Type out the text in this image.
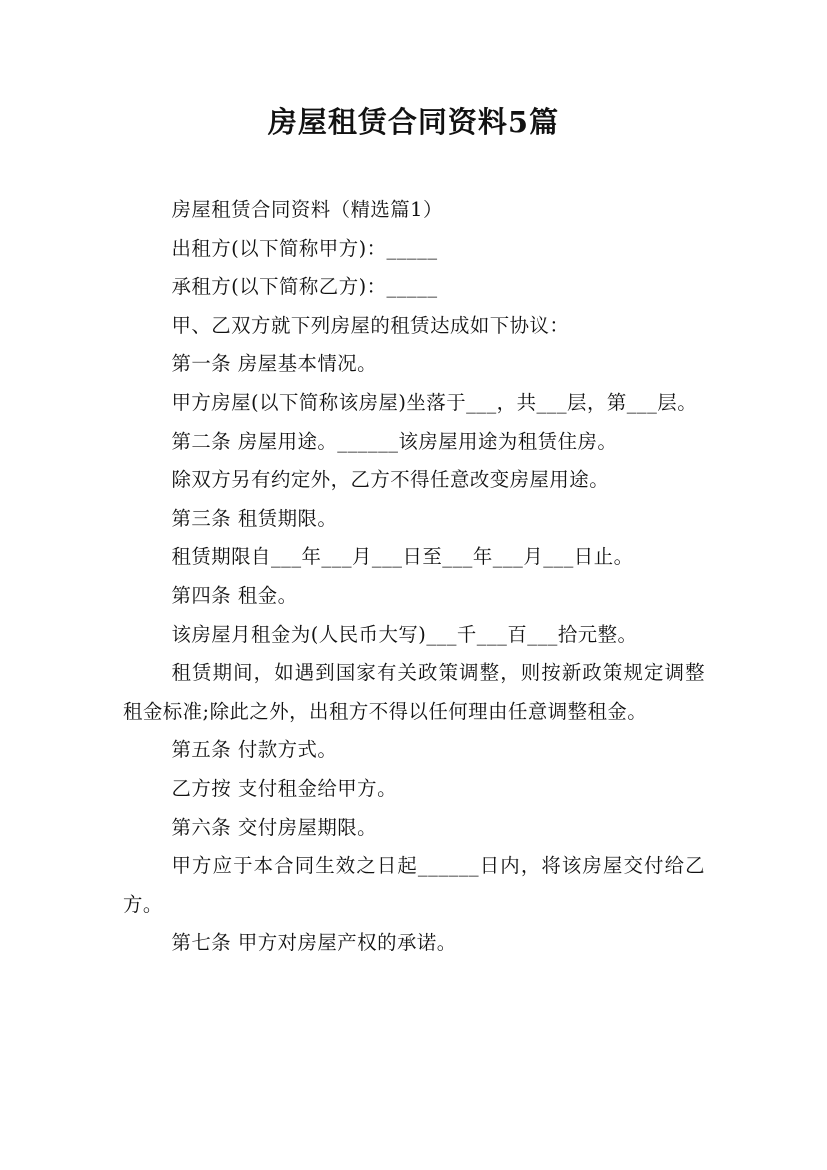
房屋租赁合同资料5篇

房屋租赁合同资料（精选篇1）

出租方(以下简称甲方)：_____

承租方(以下简称乙方)：_____

甲、乙双方就下列房屋的租赁达成如下协议：

第一条 房屋基本情况。

甲方房屋(以下简称该房屋)坐落于___，共___层，第___层。

第二条 房屋用途。______该房屋用途为租赁住房。

除双方另有约定外，乙方不得任意改变房屋用途。

第三条 租赁期限。

租赁期限自___年___月___日至___年___月___日止。

第四条 租金。

该房屋月租金为(人民币大写)___千___百___拾元整。

租赁期间，如遇到国家有关政策调整，则按新政策规定调整租金标准;除此之外，出租方不得以任何理由任意调整租金。

第五条 付款方式。

乙方按 支付租金给甲方。

第六条 交付房屋期限。

甲方应于本合同生效之日起______日内，将该房屋交付给乙方。

第七条 甲方对房屋产权的承诺。
